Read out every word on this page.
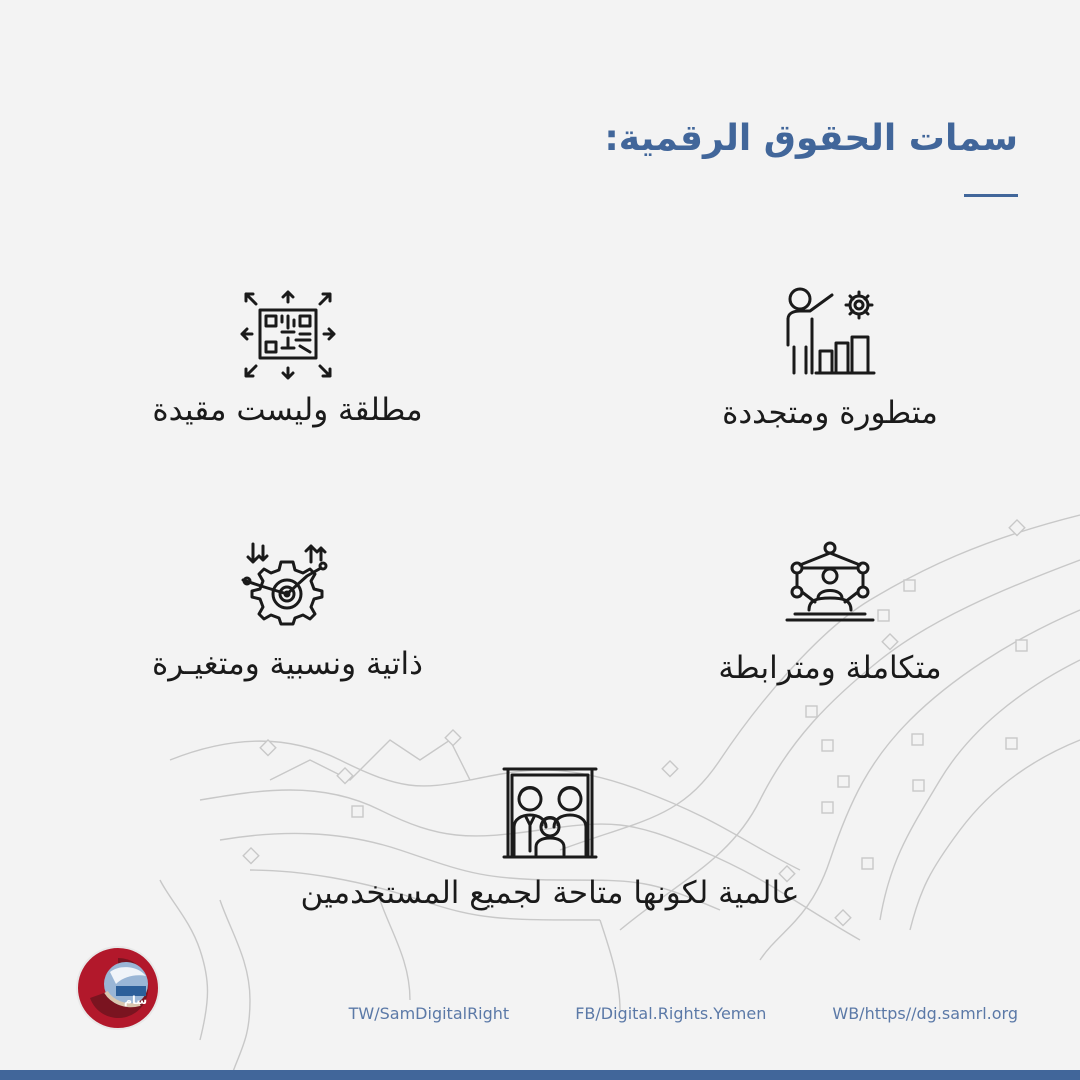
سمات الحقوق الرقمية:
متطورة ومتجددة
مطلقة وليست مقيدة
متكاملة ومترابطة
ذاتية ونسبية ومتغيـرة
عالمية لكونها متاحة لجميع المستخدمين
سام
TW/SamDigitalRight	FB/Digital.Rights.Yemen	WB/https//dg.samrl.org
